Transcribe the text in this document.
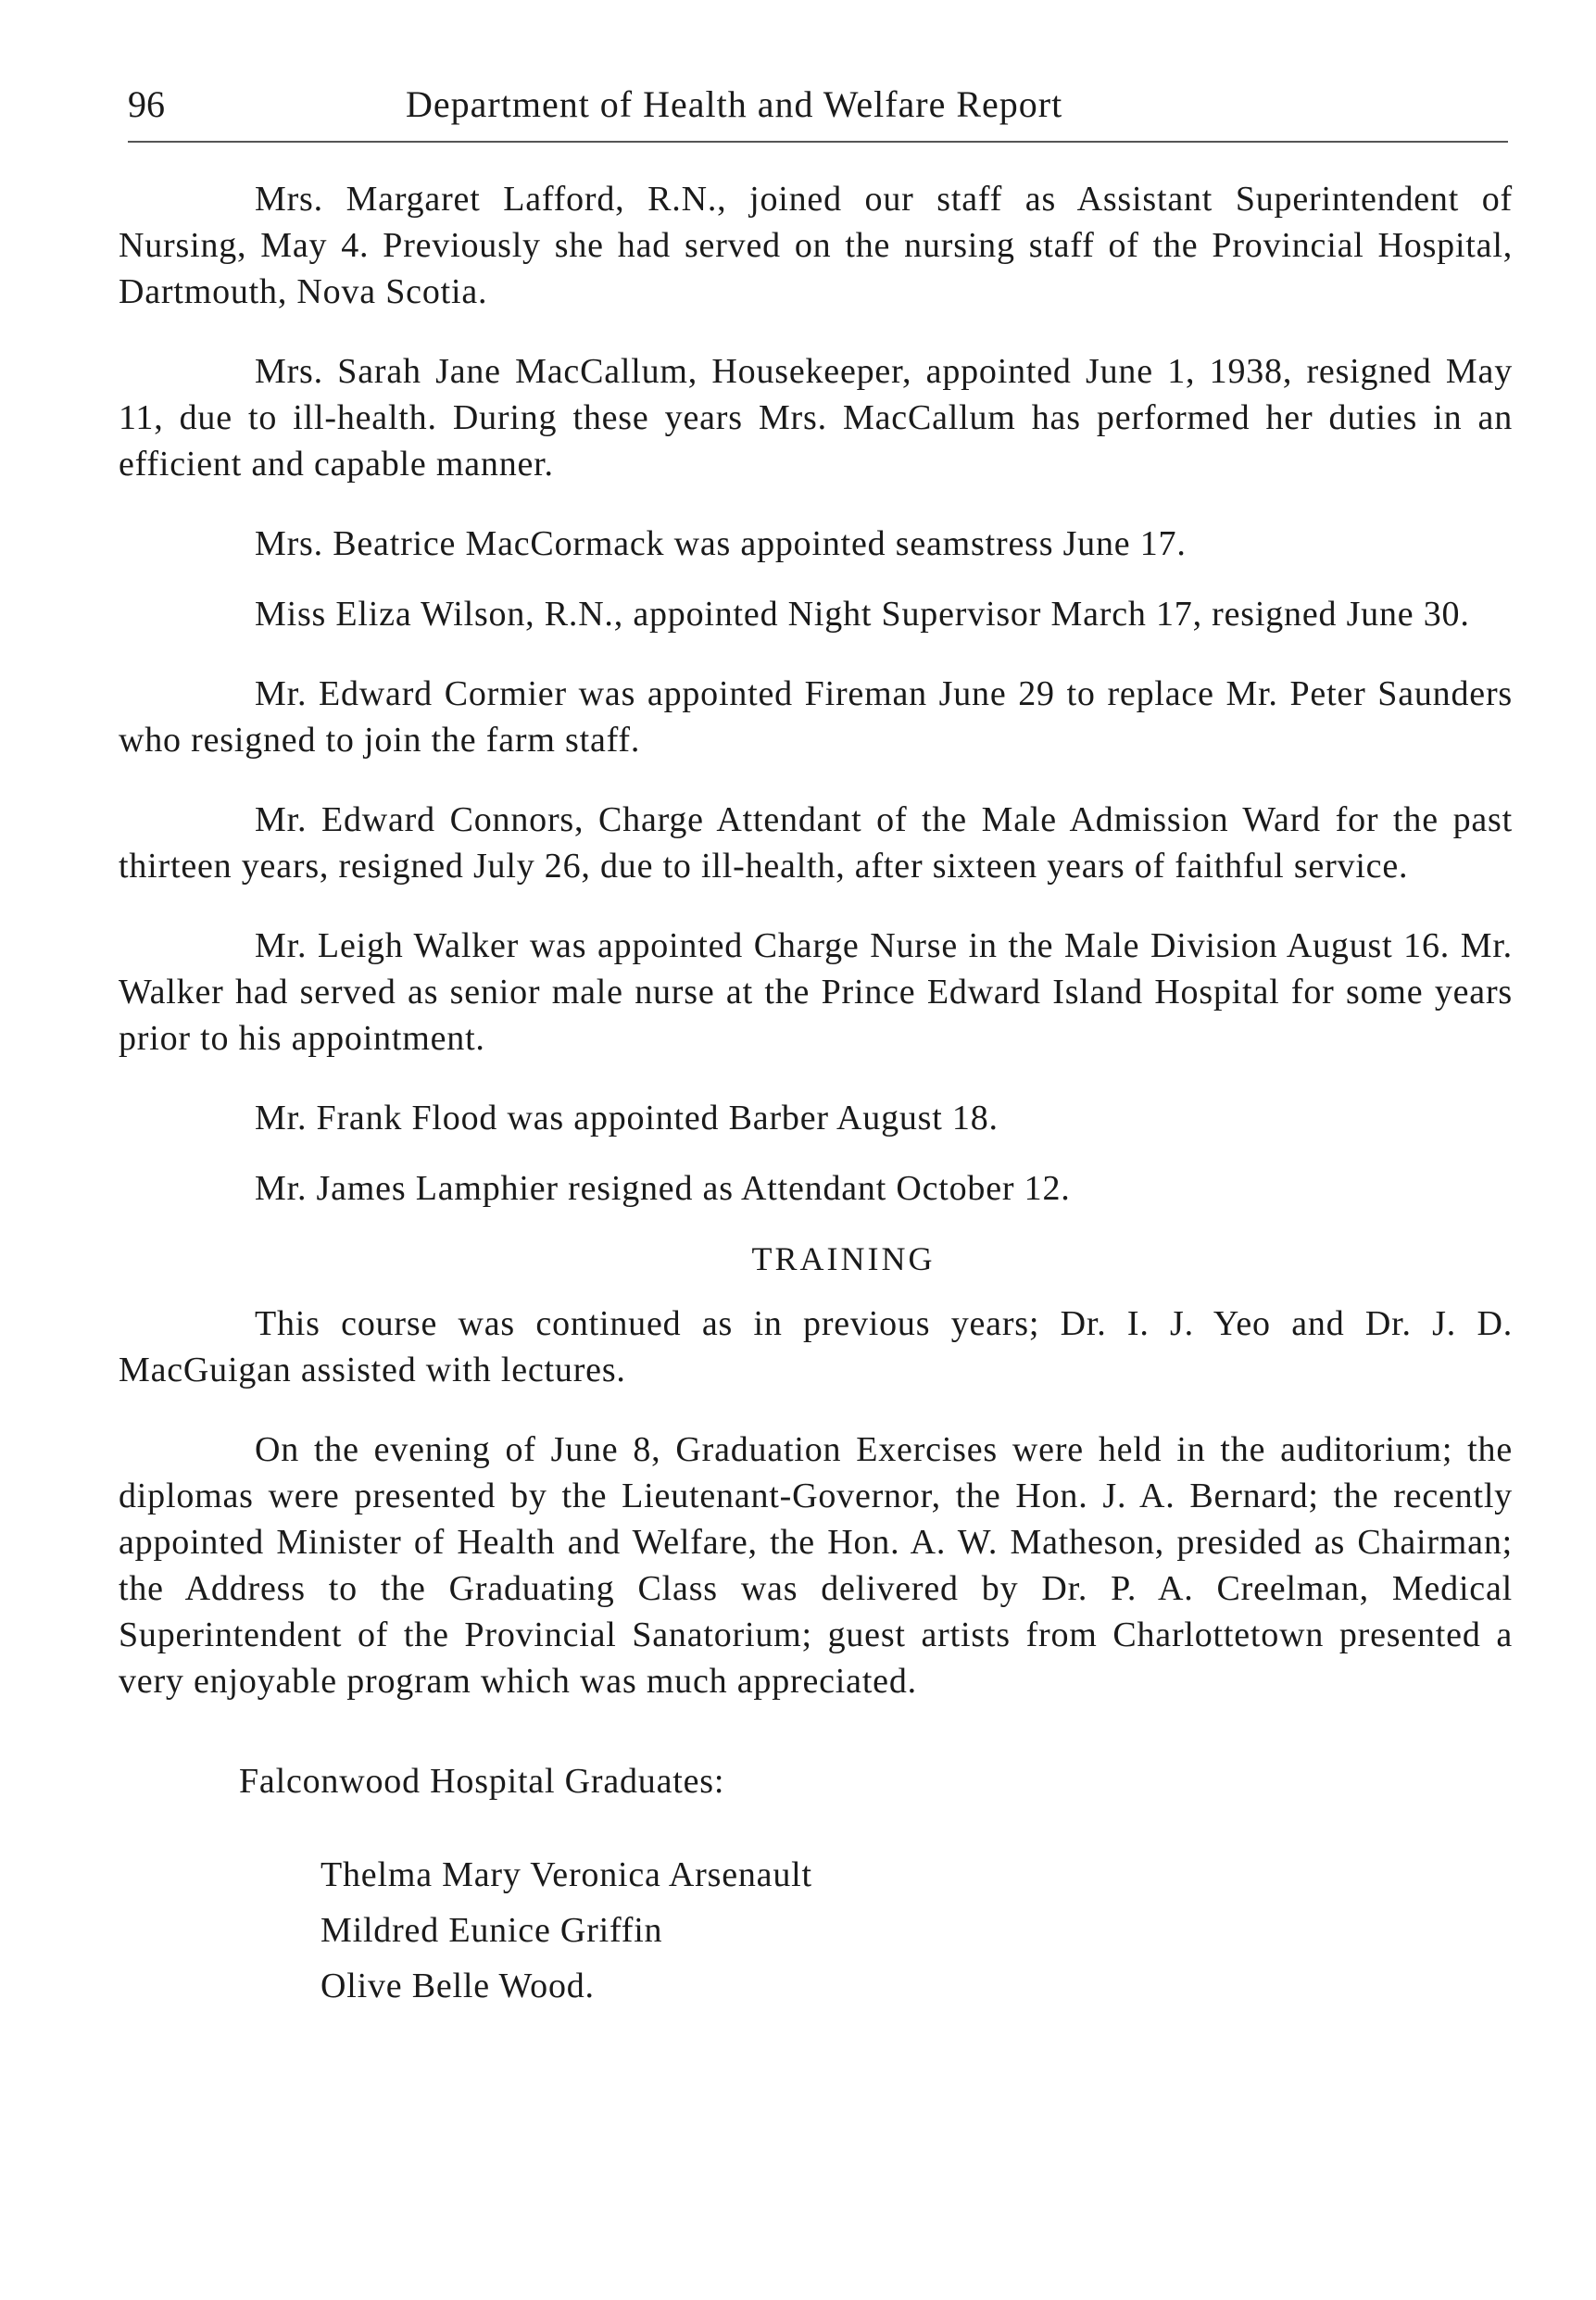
96	Department of Health and Welfare Report

Mrs. Margaret Lafford, R.N., joined our staff as Assistant Superintendent of Nursing, May 4. Previously she had served on the nursing staff of the Provincial Hospital, Dartmouth, Nova Scotia.

Mrs. Sarah Jane MacCallum, Housekeeper, appointed June 1, 1938, resigned May 11, due to ill-health. During these years Mrs. MacCallum has performed her duties in an efficient and capable manner.

Mrs. Beatrice MacCormack was appointed seamstress June 17.

Miss Eliza Wilson, R.N., appointed Night Supervisor March 17, resigned June 30.

Mr. Edward Cormier was appointed Fireman June 29 to replace Mr. Peter Saunders who resigned to join the farm staff.

Mr. Edward Connors, Charge Attendant of the Male Admission Ward for the past thirteen years, resigned July 26, due to ill-health, after sixteen years of faithful service.

Mr. Leigh Walker was appointed Charge Nurse in the Male Division August 16. Mr. Walker had served as senior male nurse at the Prince Edward Island Hospital for some years prior to his appointment.

Mr. Frank Flood was appointed Barber August 18.

Mr. James Lamphier resigned as Attendant October 12.

TRAINING

This course was continued as in previous years; Dr. I. J. Yeo and Dr. J. D. MacGuigan assisted with lectures.

On the evening of June 8, Graduation Exercises were held in the auditorium; the diplomas were presented by the Lieutenant-Governor, the Hon. J. A. Bernard; the recently appointed Minister of Health and Welfare, the Hon. A. W. Matheson, presided as Chairman; the Address to the Graduating Class was delivered by Dr. P. A. Creelman, Medical Superintendent of the Provincial Sanatorium; guest artists from Charlottetown presented a very enjoyable program which was much appreciated.

Falconwood Hospital Graduates:

Thelma Mary Veronica Arsenault
Mildred Eunice Griffin
Olive Belle Wood.
